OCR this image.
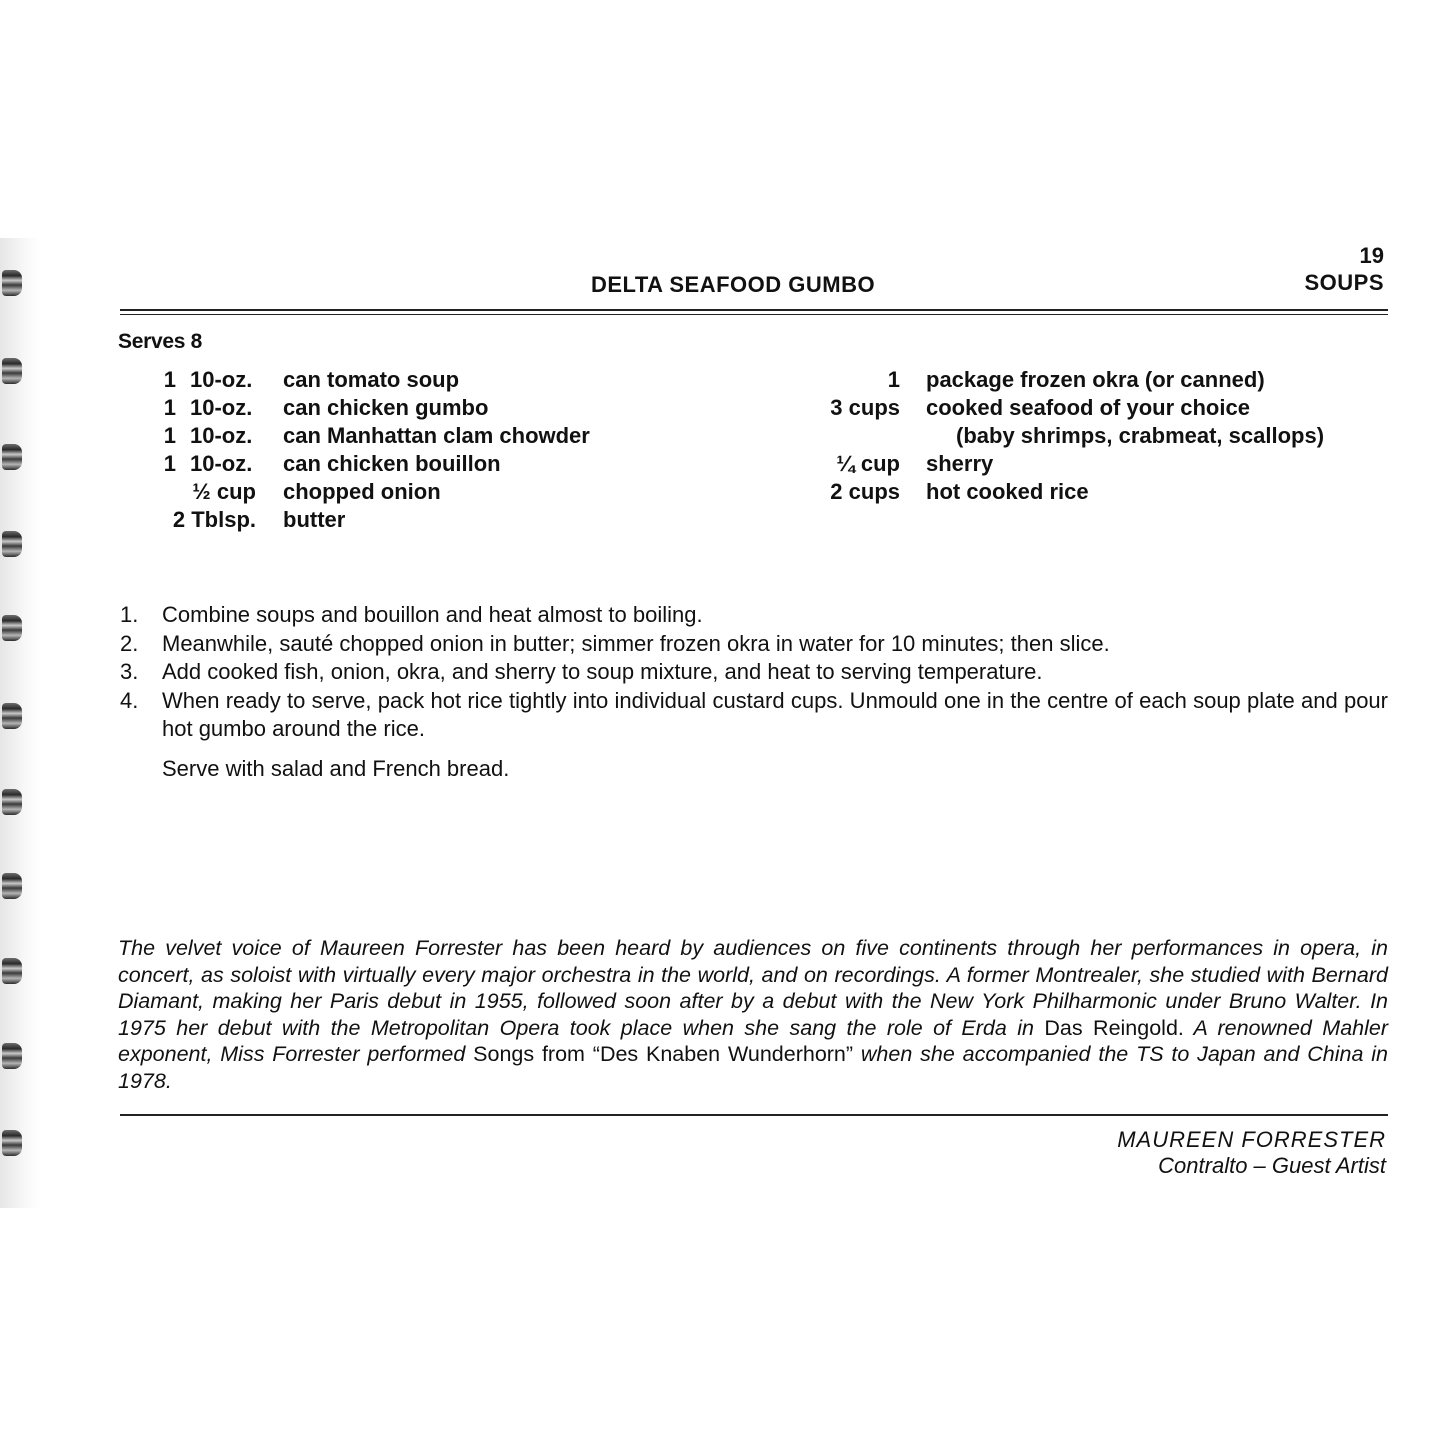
19
SOUPS
DELTA SEAFOOD GUMBO
Serves 8
1 10-oz. can tomato soup
1 10-oz. can chicken gumbo
1 10-oz. can Manhattan clam chowder
1 10-oz. can chicken bouillon
½ cup chopped onion
2 Tblsp. butter
1 package frozen okra (or canned)
3 cups cooked seafood of your choice
(baby shrimps, crabmeat, scallops)
¼ cup sherry
2 cups hot cooked rice
1. Combine soups and bouillon and heat almost to boiling.
2. Meanwhile, sauté chopped onion in butter; simmer frozen okra in water for 10 minutes; then slice.
3. Add cooked fish, onion, okra, and sherry to soup mixture, and heat to serving temperature.
4. When ready to serve, pack hot rice tightly into individual custard cups. Unmould one in the centre of each soup plate and pour hot gumbo around the rice.
Serve with salad and French bread.
The velvet voice of Maureen Forrester has been heard by audiences on five continents through her performances in opera, in concert, as soloist with virtually every major orchestra in the world, and on recordings. A former Montrealer, she studied with Bernard Diamant, making her Paris debut in 1955, followed soon after by a debut with the New York Philharmonic under Bruno Walter. In 1975 her debut with the Metropolitan Opera took place when she sang the role of Erda in Das Reingold. A renowned Mahler exponent, Miss Forrester performed Songs from “Des Knaben Wunderhorn” when she accompanied the TS to Japan and China in 1978.
MAUREEN FORRESTER
Contralto – Guest Artist
